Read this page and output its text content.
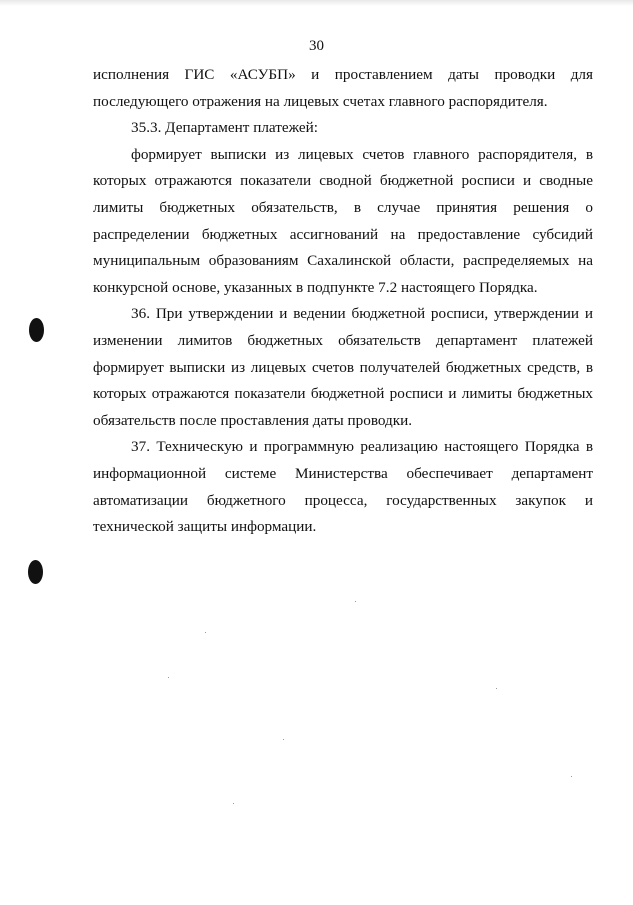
30

исполнения ГИС «АСУБП» и проставлением даты проводки для последующего отражения на лицевых счетах главного распорядителя.

35.3. Департамент платежей:

формирует выписки из лицевых счетов главного распорядителя, в которых отражаются показатели сводной бюджетной росписи и сводные лимиты бюджетных обязательств, в случае принятия решения о распределении бюджетных ассигнований на предоставление субсидий муниципальным образованиям Сахалинской области, распределяемых на конкурсной основе, указанных в подпункте 7.2 настоящего Порядка.

36. При утверждении и ведении бюджетной росписи, утверждении и изменении лимитов бюджетных обязательств департамент платежей формирует выписки из лицевых счетов получателей бюджетных средств, в которых отражаются показатели бюджетной росписи и лимиты бюджетных обязательств после проставления даты проводки.

37. Техническую и программную реализацию настоящего Порядка в информационной системе Министерства обеспечивает департамент автоматизации бюджетного процесса, государственных закупок и технической защиты информации.
